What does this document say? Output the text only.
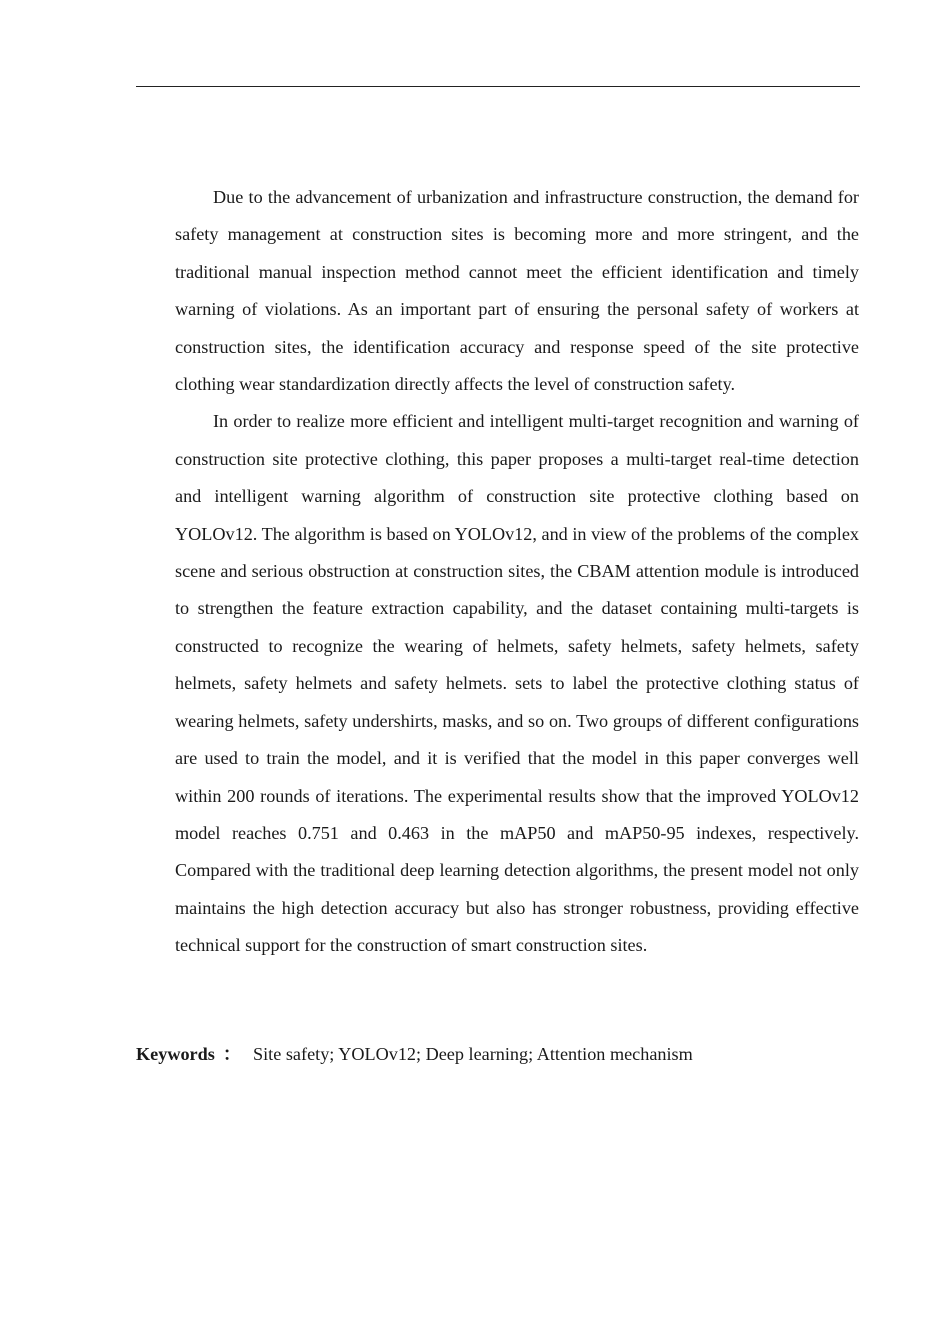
Due to the advancement of urbanization and infrastructure construction, the demand for safety management at construction sites is becoming more and more stringent, and the traditional manual inspection method cannot meet the efficient identification and timely warning of violations. As an important part of ensuring the personal safety of workers at construction sites, the identification accuracy and response speed of the site protective clothing wear standardization directly affects the level of construction safety.

In order to realize more efficient and intelligent multi-target recognition and warning of construction site protective clothing, this paper proposes a multi-target real-time detection and intelligent warning algorithm of construction site protective clothing based on YOLOv12. The algorithm is based on YOLOv12, and in view of the problems of the complex scene and serious obstruction at construction sites, the CBAM attention module is introduced to strengthen the feature extraction capability, and the dataset containing multi-targets is constructed to recognize the wearing of helmets, safety helmets, safety helmets, safety helmets, safety helmets and safety helmets. sets to label the protective clothing status of wearing helmets, safety undershirts, masks, and so on. Two groups of different configurations are used to train the model, and it is verified that the model in this paper converges well within 200 rounds of iterations. The experimental results show that the improved YOLOv12 model reaches 0.751 and 0.463 in the mAP50 and mAP50-95 indexes, respectively. Compared with the traditional deep learning detection algorithms, the present model not only maintains the high detection accuracy but also has stronger robustness, providing effective technical support for the construction of smart construction sites.

Keywords ： Site safety; YOLOv12; Deep learning; Attention mechanism
